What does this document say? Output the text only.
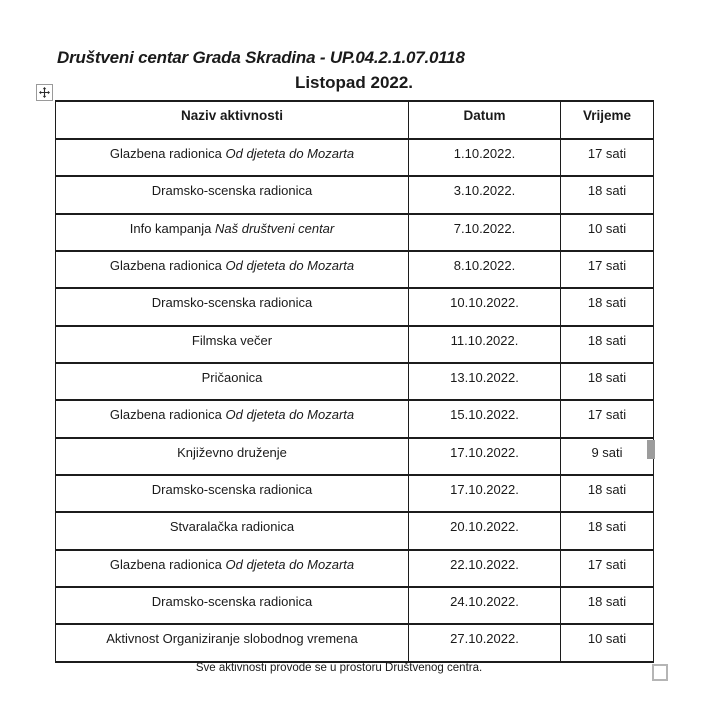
Društveni centar Grada Skradina - UP.04.2.1.07.0118
Listopad 2022.
Naziv aktivnosti	Datum	Vrijeme
Glazbena radionica Od djeteta do Mozarta	1.10.2022.	17 sati
Dramsko-scenska radionica	3.10.2022.	18 sati
Info kampanja Naš društveni centar	7.10.2022.	10 sati
Glazbena radionica Od djeteta do Mozarta	8.10.2022.	17 sati
Dramsko-scenska radionica	10.10.2022.	18 sati
Filmska večer	11.10.2022.	18 sati
Pričaonica	13.10.2022.	18 sati
Glazbena radionica Od djeteta do Mozarta	15.10.2022.	17 sati
Književno druženje	17.10.2022.	9 sati
Dramsko-scenska radionica	17.10.2022.	18 sati
Stvaralačka radionica	20.10.2022.	18 sati
Glazbena radionica Od djeteta do Mozarta	22.10.2022.	17 sati
Dramsko-scenska radionica	24.10.2022.	18 sati
Aktivnost Organiziranje slobodnog vremena	27.10.2022.	10 sati
Sve aktivnosti provode se u prostoru Društvenog centra.
